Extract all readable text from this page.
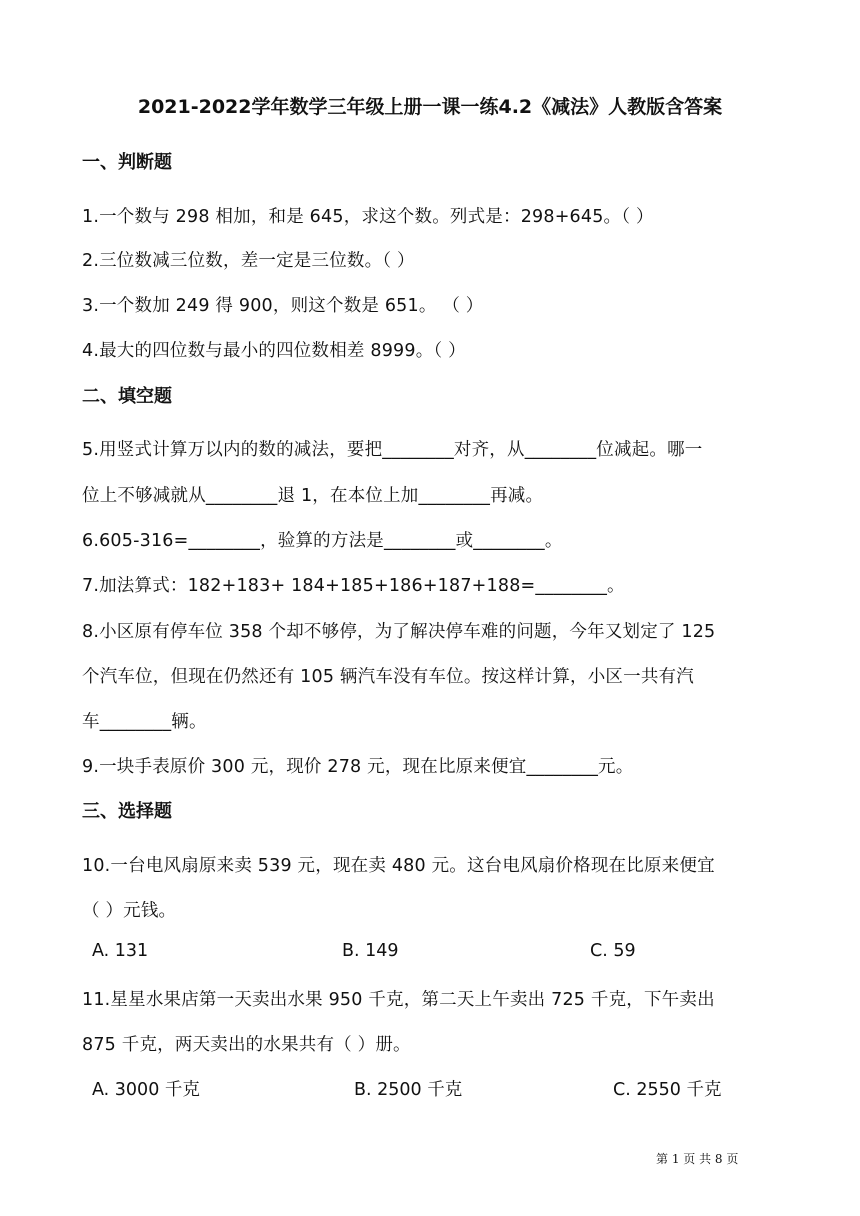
2021-2022学年数学三年级上册一课一练4.2《减法》人教版含答案
一、判断题
1.一个数与 298 相加，和是 645，求这个数。列式是：298+645。（ ）
2.三位数减三位数，差一定是三位数。（ ）
3.一个数加 249 得 900，则这个数是 651。 （ ）
4.最大的四位数与最小的四位数相差 8999。（ ）
二、填空题
5.用竖式计算万以内的数的减法，要把________对齐，从________位减起。哪一
位上不够减就从________退 1，在本位上加________再减。
6.605-316=________，验算的方法是________或________。
7.加法算式：182+183+ 184+185+186+187+188=________。
8.小区原有停车位 358 个却不够停，为了解决停车难的问题，今年又划定了 125
个汽车位，但现在仍然还有 105 辆汽车没有车位。按这样计算，小区一共有汽
车________辆。
9.一块手表原价 300 元，现价 278 元，现在比原来便宜________元。
三、选择题
10.一台电风扇原来卖 539 元，现在卖 480 元。这台电风扇价格现在比原来便宜
（ ）元钱。
A. 131	B. 149	C. 59
11.星星水果店第一天卖出水果 950 千克，第二天上午卖出 725 千克，下午卖出
875 千克，两天卖出的水果共有（ ）册。
A. 3000 千克	B. 2500 千克	C. 2550 千克
第 1 页 共 8 页
